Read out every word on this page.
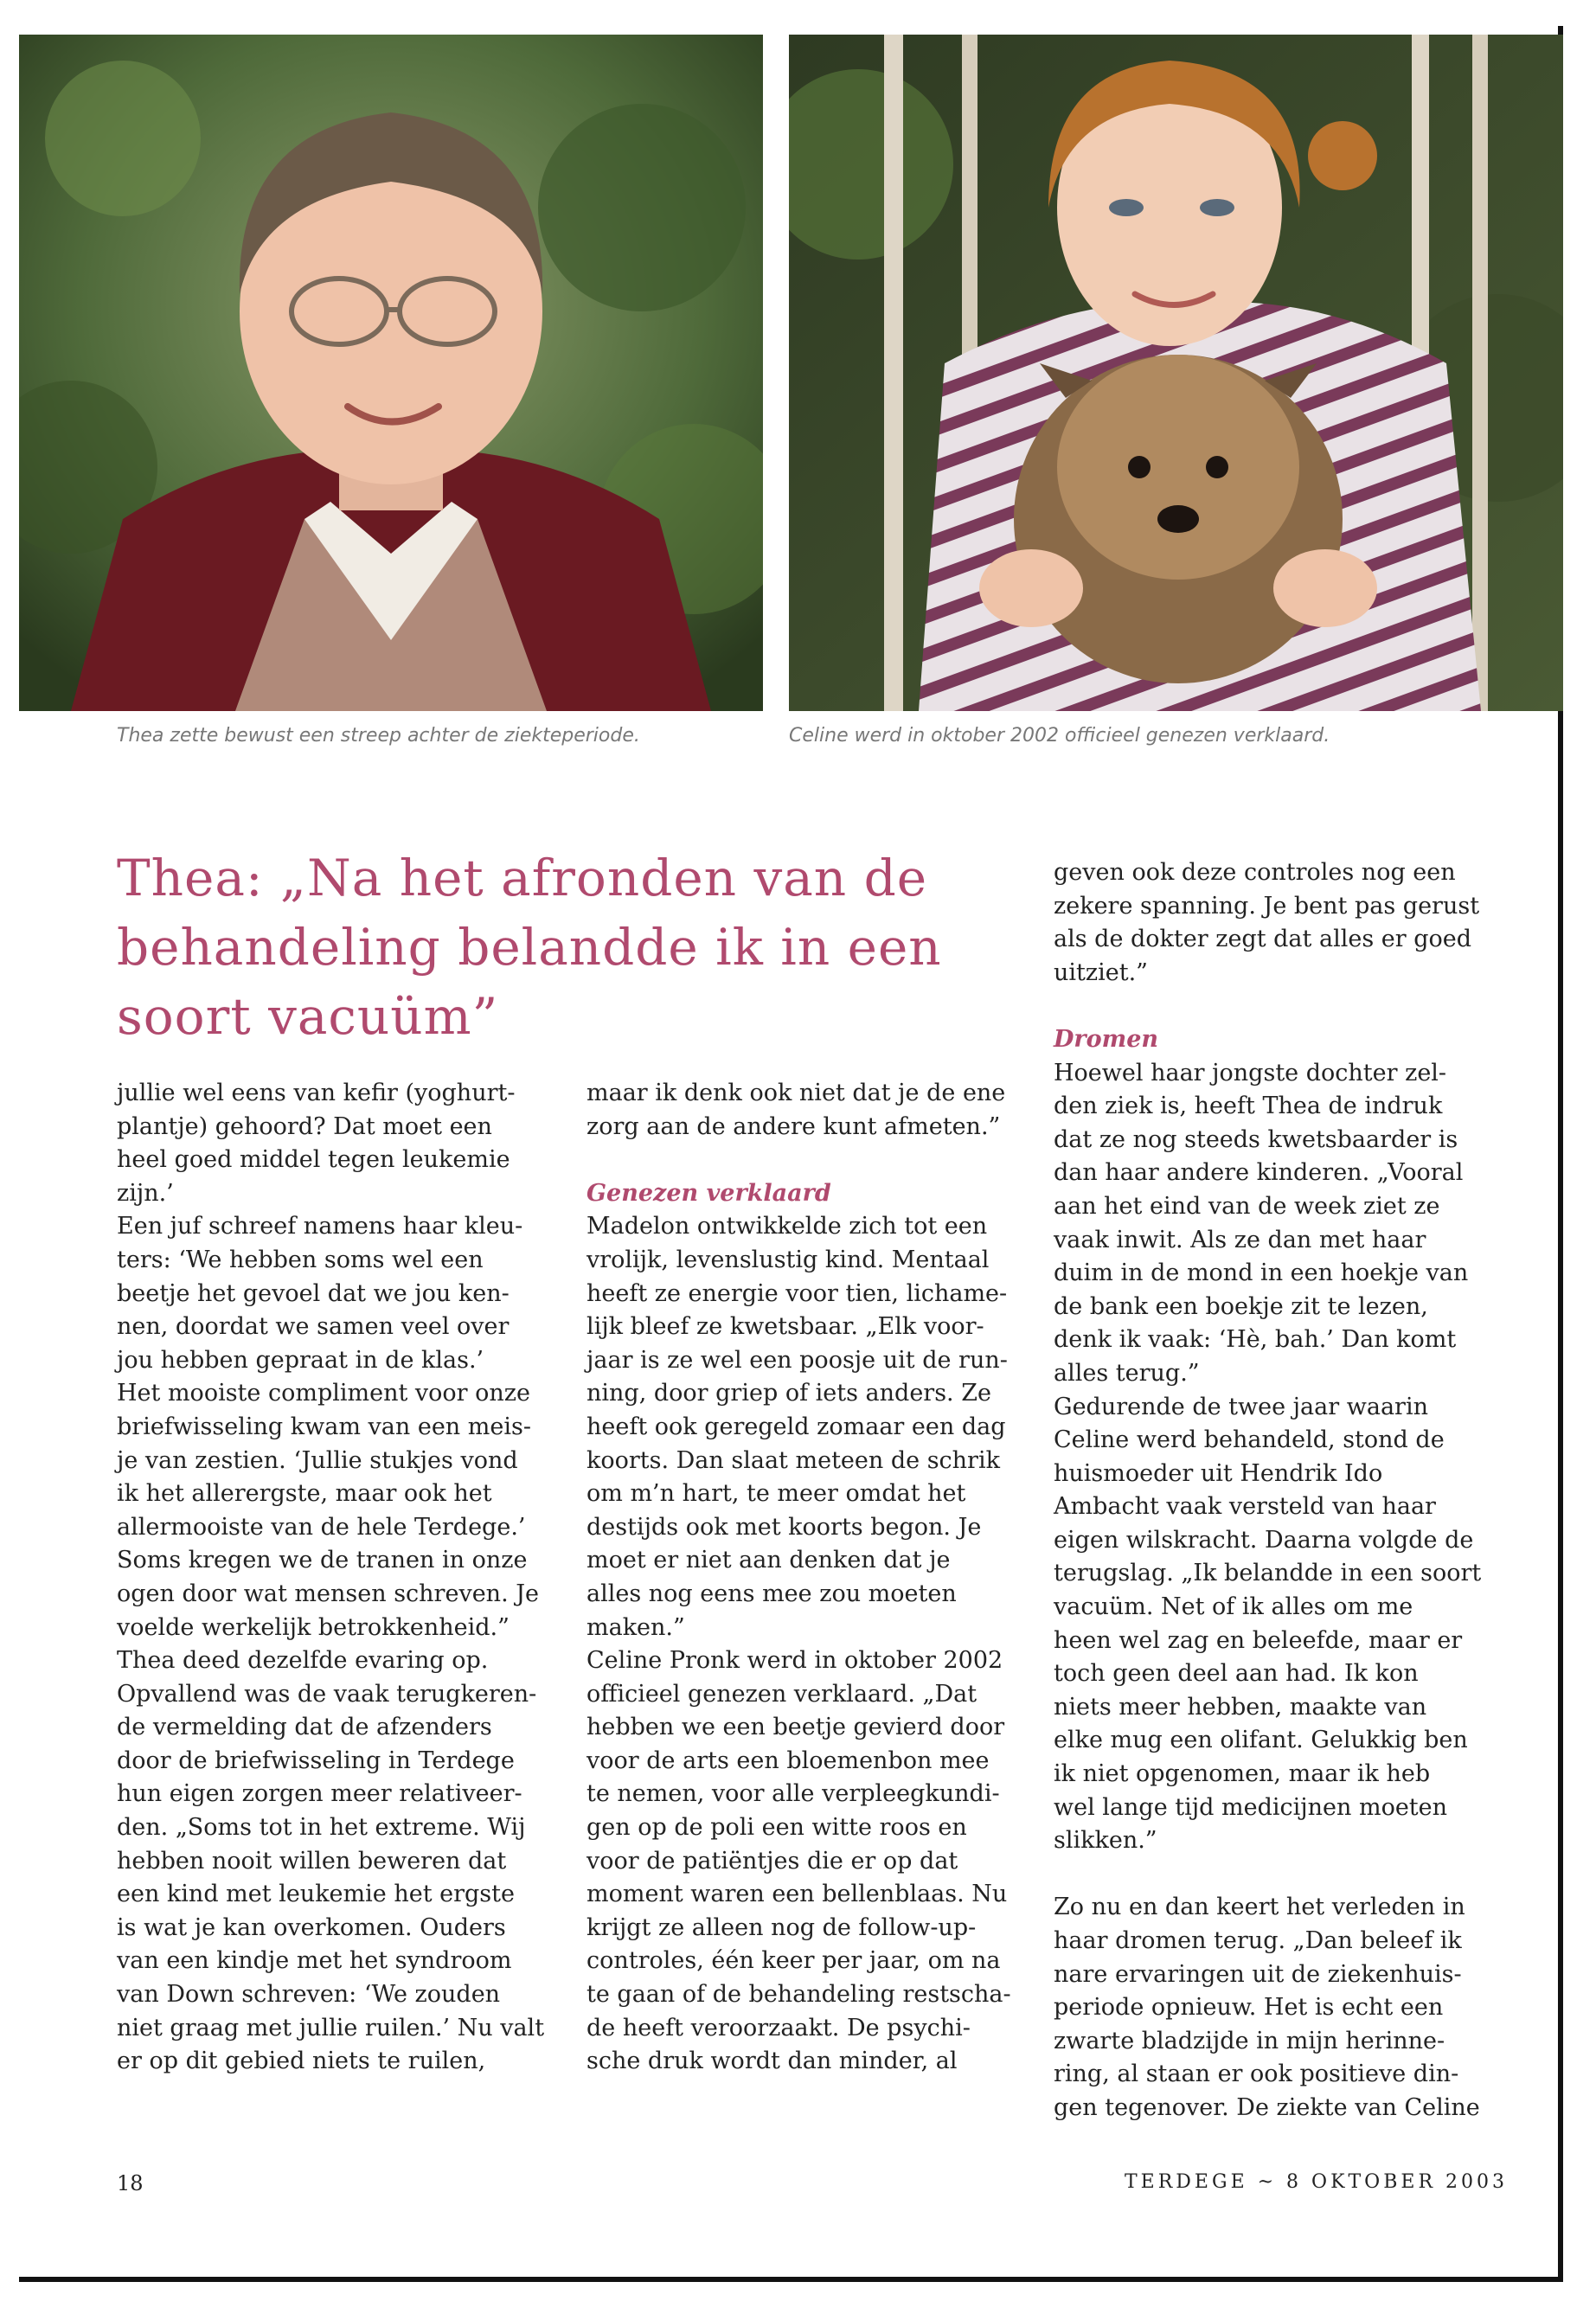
Thea zette bewust een streep achter de ziekteperiode.	Celine werd in oktober 2002 officieel genezen verklaard.
Thea: „Na het afronden van de
behandeling belandde ik in een
soort vacuüm”

jullie wel eens van kefir (yoghurt-

plantje) gehoord? Dat moet een

heel goed middel tegen leukemie

zijn.’

Een juf schreef namens haar kleu-

ters: ‘We hebben soms wel een

beetje het gevoel dat we jou ken-

nen, doordat we samen veel over

jou hebben gepraat in de klas.’

Het mooiste compliment voor onze

briefwisseling kwam van een meis-

je van zestien. ‘Jullie stukjes vond

ik het allerergste, maar ook het

allermooiste van de hele Terdege.’

Soms kregen we de tranen in onze

ogen door wat mensen schreven. Je

voelde werkelijk betrokkenheid.”

Thea deed dezelfde evaring op.

Opvallend was de vaak terugkeren-

de vermelding dat de afzenders

door de briefwisseling in Terdege

hun eigen zorgen meer relativeer-

den. „Soms tot in het extreme. Wij

hebben nooit willen beweren dat

een kind met leukemie het ergste

is wat je kan overkomen. Ouders

van een kindje met het syndroom

van Down schreven: ‘We zouden

niet graag met jullie ruilen.’ Nu valt

er op dit gebied niets te ruilen,

maar ik denk ook niet dat je de ene

zorg aan de andere kunt afmeten.”

Genezen verklaard

Madelon ontwikkelde zich tot een

vrolijk, levenslustig kind. Mentaal

heeft ze energie voor tien, lichame-

lijk bleef ze kwetsbaar. „Elk voor-

jaar is ze wel een poosje uit de run-

ning, door griep of iets anders. Ze

heeft ook geregeld zomaar een dag

koorts. Dan slaat meteen de schrik

om m’n hart, te meer omdat het

destijds ook met koorts begon. Je

moet er niet aan denken dat je

alles nog eens mee zou moeten

maken.”

Celine Pronk werd in oktober 2002

officieel genezen verklaard. „Dat

hebben we een beetje gevierd door

voor de arts een bloemenbon mee

te nemen, voor alle verpleegkundi-

gen op de poli een witte roos en

voor de patiëntjes die er op dat

moment waren een bellenblaas. Nu

krijgt ze alleen nog de follow-up-

controles, één keer per jaar, om na

te gaan of de behandeling restscha-

de heeft veroorzaakt. De psychi-

sche druk wordt dan minder, al

geven ook deze controles nog een

zekere spanning. Je bent pas gerust

als de dokter zegt dat alles er goed

uitziet.”

Dromen

Hoewel haar jongste dochter zel-

den ziek is, heeft Thea de indruk

dat ze nog steeds kwetsbaarder is

dan haar andere kinderen. „Vooral

aan het eind van de week ziet ze

vaak inwit. Als ze dan met haar

duim in de mond in een hoekje van

de bank een boekje zit te lezen,

denk ik vaak: ‘Hè, bah.’ Dan komt

alles terug.”

Gedurende de twee jaar waarin

Celine werd behandeld, stond de

huismoeder uit Hendrik Ido

Ambacht vaak versteld van haar

eigen wilskracht. Daarna volgde de

terugslag. „Ik belandde in een soort

vacuüm. Net of ik alles om me

heen wel zag en beleefde, maar er

toch geen deel aan had. Ik kon

niets meer hebben, maakte van

elke mug een olifant. Gelukkig ben

ik niet opgenomen, maar ik heb

wel lange tijd medicijnen moeten

slikken.”

Zo nu en dan keert het verleden in

haar dromen terug. „Dan beleef ik

nare ervaringen uit de ziekenhuis-

periode opnieuw. Het is echt een

zwarte bladzijde in mijn herinne-

ring, al staan er ook positieve din-

gen tegenover. De ziekte van Celine

18	TERDEGE ~ 8 OKTOBER 2003
